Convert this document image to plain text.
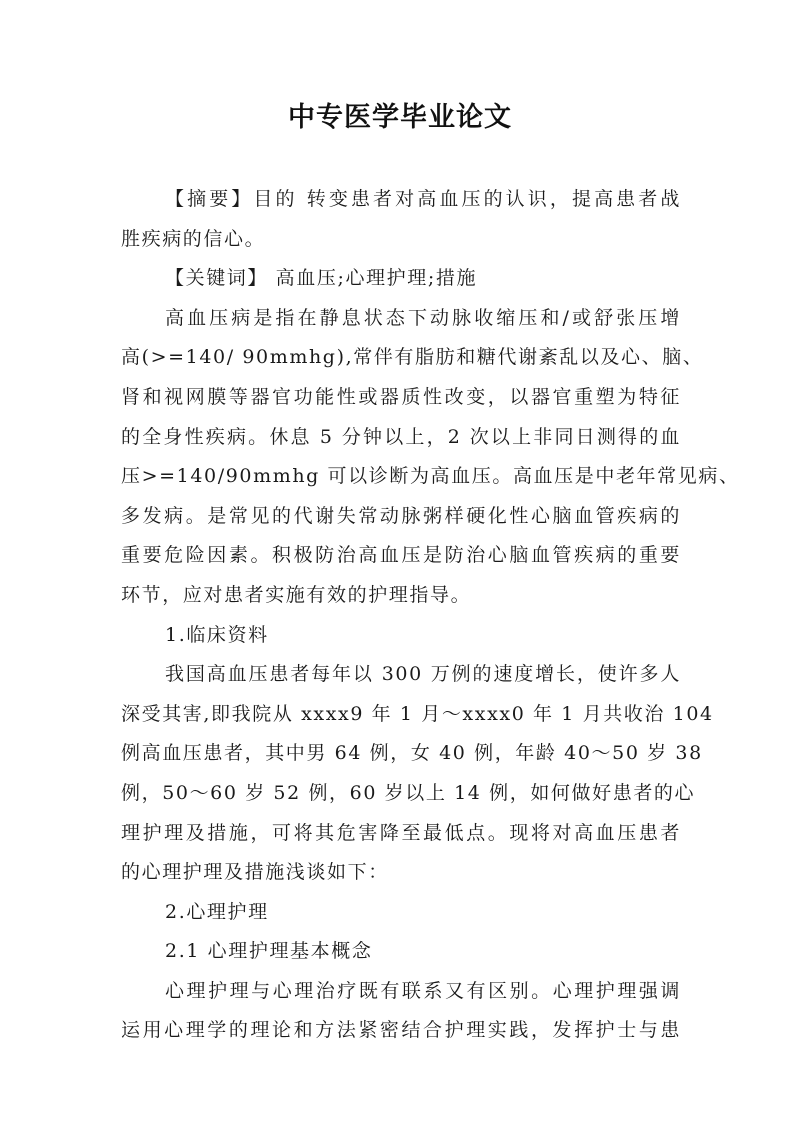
中专医学毕业论文
【摘要】目的 转变患者对高血压的认识，提高患者战
胜疾病的信心。
【关键词】 高血压;心理护理;措施
高血压病是指在静息状态下动脉收缩压和/或舒张压增
高(>=140/ 90mmhg),常伴有脂肪和糖代谢紊乱以及心、脑、
肾和视网膜等器官功能性或器质性改变，以器官重塑为特征
的全身性疾病。休息 5 分钟以上，2 次以上非同日测得的血
压>=140/90mmhg 可以诊断为高血压。高血压是中老年常见病、
多发病。是常见的代谢失常动脉粥样硬化性心脑血管疾病的
重要危险因素。积极防治高血压是防治心脑血管疾病的重要
环节，应对患者实施有效的护理指导。
1.临床资料
我国高血压患者每年以 300 万例的速度增长，使许多人
深受其害,即我院从 xxxx9 年 1 月～xxxx0 年 1 月共收治 104
例高血压患者，其中男 64 例，女 40 例，年龄 40～50 岁 38
例，50～60 岁 52 例，60 岁以上 14 例，如何做好患者的心
理护理及措施，可将其危害降至最低点。现将对高血压患者
的心理护理及措施浅谈如下：
2.心理护理
2.1 心理护理基本概念
心理护理与心理治疗既有联系又有区别。心理护理强调
运用心理学的理论和方法紧密结合护理实践，发挥护士与患
